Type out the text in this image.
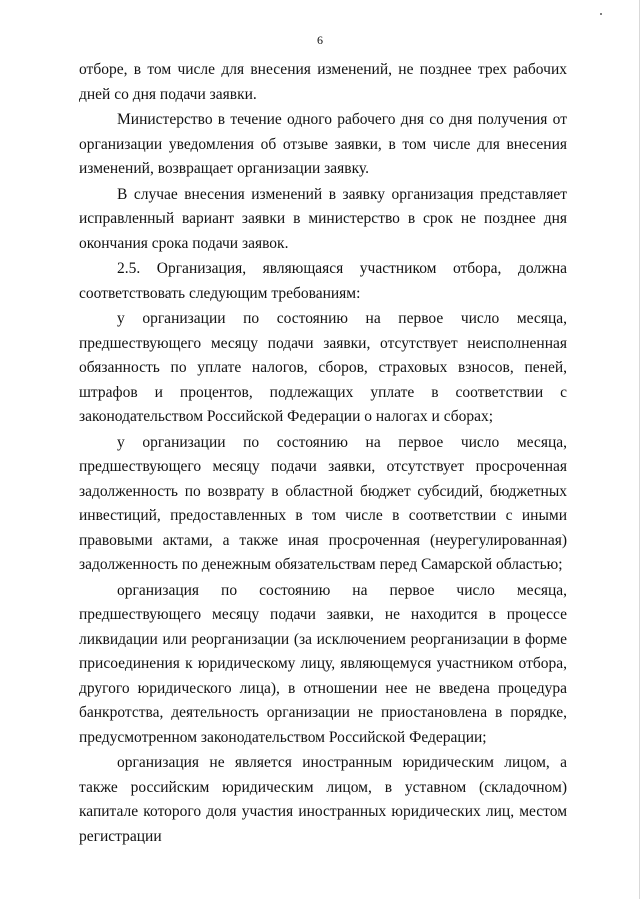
6

отборе, в том числе для внесения изменений, не позднее трех рабочих дней со дня подачи заявки.

Министерство в течение одного рабочего дня со дня получения от организации уведомления об отзыве заявки, в том числе для внесения изменений, возвращает организации заявку.

В случае внесения изменений в заявку организация представляет исправленный вариант заявки в министерство в срок не позднее дня окончания срока подачи заявок.

2.5. Организация, являющаяся участником отбора, должна соответствовать следующим требованиям:

у организации по состоянию на первое число месяца, предшествующего месяцу подачи заявки, отсутствует неисполненная обязанность по уплате налогов, сборов, страховых взносов, пеней, штрафов и процентов, подлежащих уплате в соответствии с законодательством Российской Федерации о налогах и сборах;

у организации по состоянию на первое число месяца, предшествующего месяцу подачи заявки, отсутствует просроченная задолженность по возврату в областной бюджет субсидий, бюджетных инвестиций, предоставленных в том числе в соответствии с иными правовыми актами, а также иная просроченная (неурегулированная) задолженность по денежным обязательствам перед Самарской областью;

организация по состоянию на первое число месяца, предшествующего месяцу подачи заявки, не находится в процессе ликвидации или реорганизации (за исключением реорганизации в форме присоединения к юридическому лицу, являющемуся участником отбора, другого юридического лица), в отношении нее не введена процедура банкротства, деятельность организации не приостановлена в порядке, предусмотренном законодательством Российской Федерации;

организация не является иностранным юридическим лицом, а также российским юридическим лицом, в уставном (складочном) капитале которого доля участия иностранных юридических лиц, местом регистрации
